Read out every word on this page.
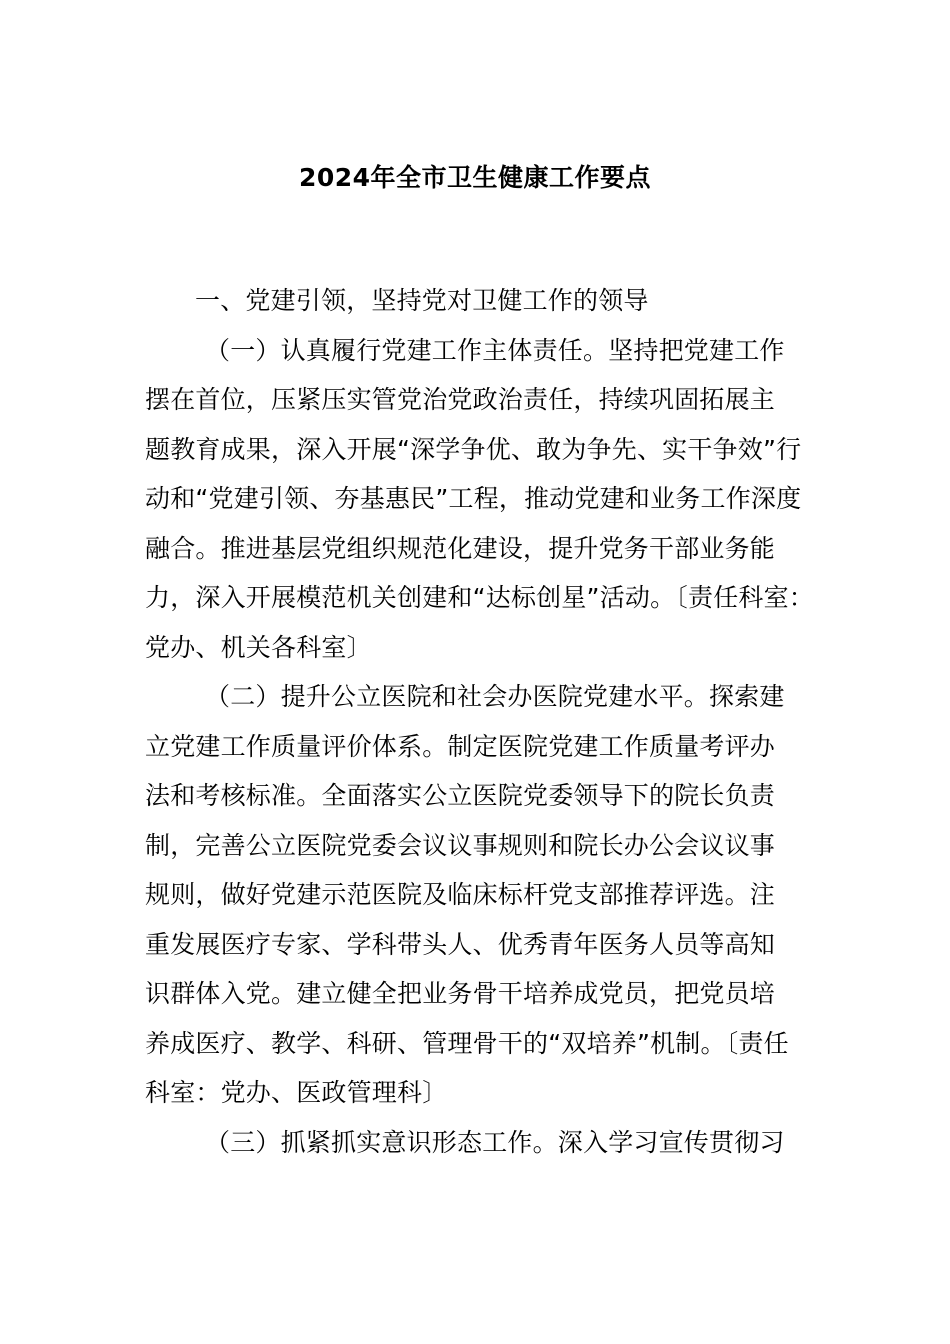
2024年全市卫生健康工作要点
一、党建引领，坚持党对卫健工作的领导
（一）认真履行党建工作主体责任。坚持把党建工作
摆在首位，压紧压实管党治党政治责任，持续巩固拓展主
题教育成果，深入开展“深学争优、敢为争先、实干争效”行
动和“党建引领、夯基惠民”工程，推动党建和业务工作深度
融合。推进基层党组织规范化建设，提升党务干部业务能
力，深入开展模范机关创建和“达标创星”活动。〔责任科室：
党办、机关各科室〕
（二）提升公立医院和社会办医院党建水平。探索建
立党建工作质量评价体系。制定医院党建工作质量考评办
法和考核标准。全面落实公立医院党委领导下的院长负责
制，完善公立医院党委会议议事规则和院长办公会议议事
规则，做好党建示范医院及临床标杆党支部推荐评选。注
重发展医疗专家、学科带头人、优秀青年医务人员等高知
识群体入党。建立健全把业务骨干培养成党员，把党员培
养成医疗、教学、科研、管理骨干的“双培养”机制。〔责任
科室：党办、医政管理科〕
（三）抓紧抓实意识形态工作。深入学习宣传贯彻习
